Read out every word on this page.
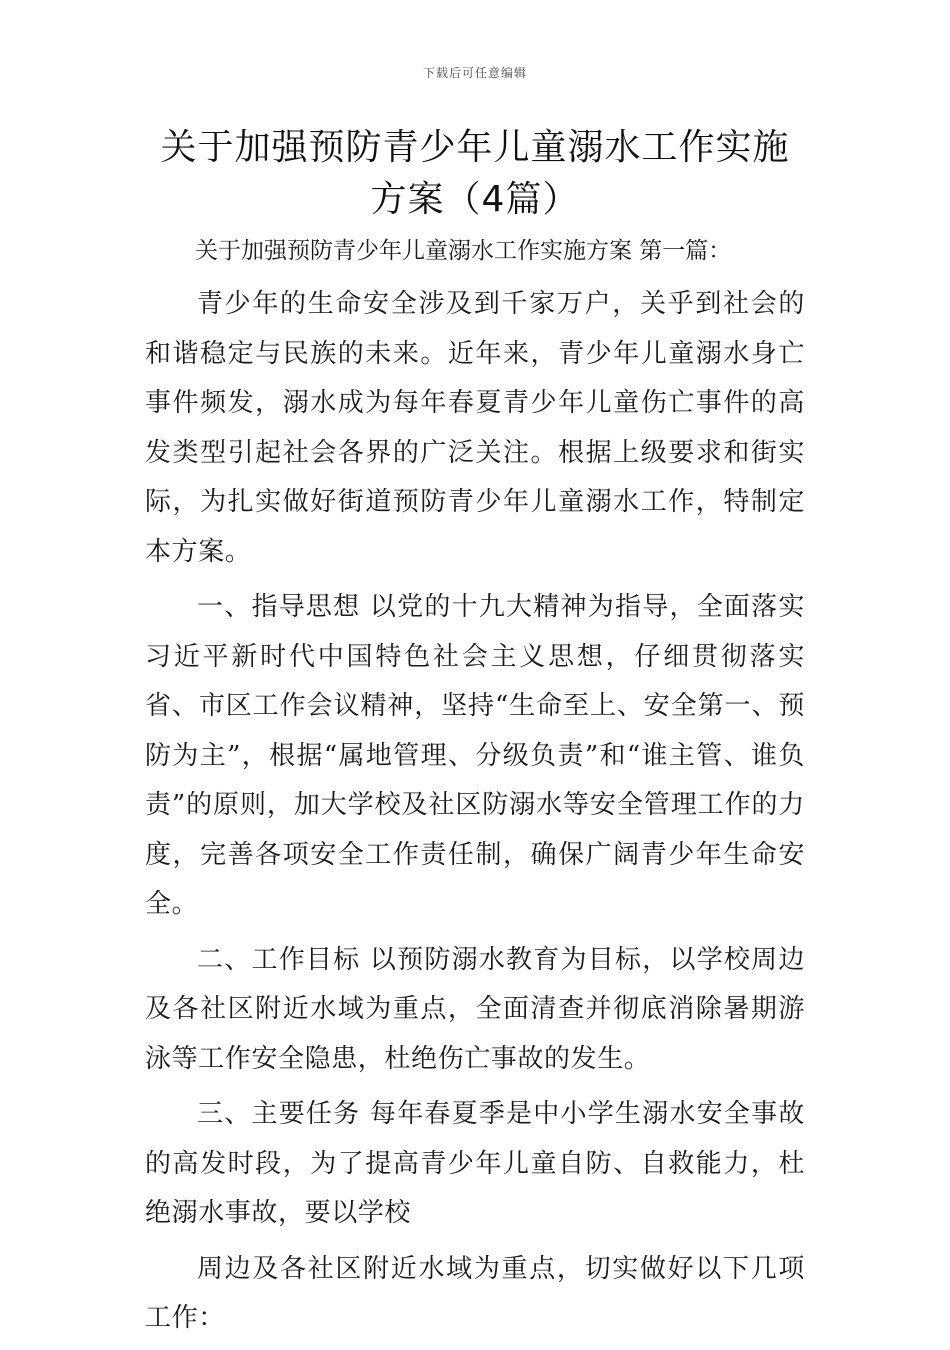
下载后可任意编辑
关于加强预防青少年儿童溺水工作实施方案（4篇）
关于加强预防青少年儿童溺水工作实施方案 第一篇：

青少年的生命安全涉及到千家万户，关乎到社会的和谐稳定与民族的未来。近年来，青少年儿童溺水身亡事件频发，溺水成为每年春夏青少年儿童伤亡事件的高发类型引起社会各界的广泛关注。根据上级要求和街实际，为扎实做好街道预防青少年儿童溺水工作，特制定本方案。

一、指导思想 以党的十九大精神为指导，全面落实习近平新时代中国特色社会主义思想，仔细贯彻落实省、市区工作会议精神，坚持“生命至上、安全第一、预防为主”，根据“属地管理、分级负责”和“谁主管、谁负责”的原则，加大学校及社区防溺水等安全管理工作的力度，完善各项安全工作责任制，确保广阔青少年生命安全。

二、工作目标 以预防溺水教育为目标，以学校周边及各社区附近水域为重点，全面清查并彻底消除暑期游泳等工作安全隐患，杜绝伤亡事故的发生。

三、主要任务 每年春夏季是中小学生溺水安全事故的高发时段，为了提高青少年儿童自防、自救能力，杜绝溺水事故，要以学校

周边及各社区附近水域为重点，切实做好以下几项工作：
